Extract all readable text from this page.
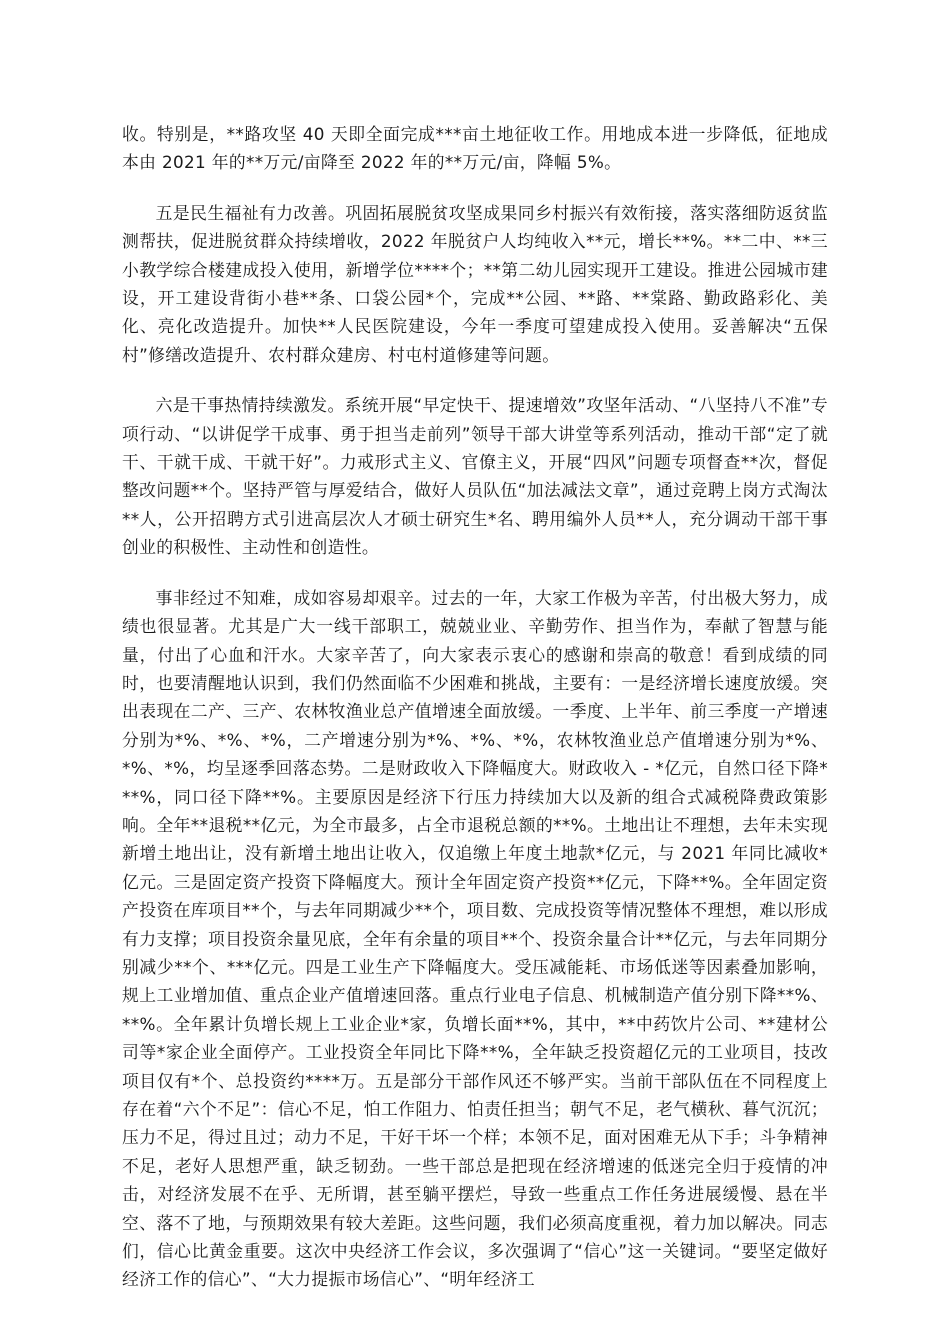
收。特别是，**路攻坚 40 天即全面完成***亩土地征收工作。用地成本进一步降低，征地成本由 2021 年的**万元/亩降至 2022 年的**万元/亩，降幅 5%。

五是民生福祉有力改善。巩固拓展脱贫攻坚成果同乡村振兴有效衔接，落实落细防返贫监测帮扶，促进脱贫群众持续增收，2022 年脱贫户人均纯收入**元，增长**%。**二中、**三小教学综合楼建成投入使用，新增学位****个；**第二幼儿园实现开工建设。推进公园城市建设，开工建设背街小巷**条、口袋公园*个，完成**公园、**路、**棠路、勤政路彩化、美化、亮化改造提升。加快**人民医院建设，今年一季度可望建成投入使用。妥善解决“五保村”修缮改造提升、农村群众建房、村屯村道修建等问题。

六是干事热情持续激发。系统开展“早定快干、提速增效”攻坚年活动、“八坚持八不准”专项行动、“以讲促学干成事、勇于担当走前列”领导干部大讲堂等系列活动，推动干部“定了就干、干就干成、干就干好”。力戒形式主义、官僚主义，开展“四风”问题专项督查**次，督促整改问题**个。坚持严管与厚爱结合，做好人员队伍“加法减法文章”，通过竞聘上岗方式淘汰**人，公开招聘方式引进高层次人才硕士研究生*名、聘用编外人员**人，充分调动干部干事创业的积极性、主动性和创造性。

事非经过不知难，成如容易却艰辛。过去的一年，大家工作极为辛苦，付出极大努力，成绩也很显著。尤其是广大一线干部职工，兢兢业业、辛勤劳作、担当作为，奉献了智慧与能量，付出了心血和汗水。大家辛苦了，向大家表示衷心的感谢和崇高的敬意！看到成绩的同时，也要清醒地认识到，我们仍然面临不少困难和挑战，主要有：一是经济增长速度放缓。突出表现在二产、三产、农林牧渔业总产值增速全面放缓。一季度、上半年、前三季度一产增速分别为*%、*%、*%，二产增速分别为*%、*%、*%，农林牧渔业总产值增速分别为*%、*%、*%，均呈逐季回落态势。二是财政收入下降幅度大。财政收入 - *亿元，自然口径下降***%，同口径下降**%。主要原因是经济下行压力持续加大以及新的组合式减税降费政策影响。全年**退税**亿元，为全市最多，占全市退税总额的**%。土地出让不理想，去年未实现新增土地出让，没有新增土地出让收入，仅追缴上年度土地款*亿元，与 2021 年同比减收*亿元。三是固定资产投资下降幅度大。预计全年固定资产投资**亿元，下降**%。全年固定资产投资在库项目**个，与去年同期减少**个，项目数、完成投资等情况整体不理想，难以形成有力支撑；项目投资余量见底，全年有余量的项目**个、投资余量合计**亿元，与去年同期分别减少**个、***亿元。四是工业生产下降幅度大。受压减能耗、市场低迷等因素叠加影响，规上工业增加值、重点企业产值增速回落。重点行业电子信息、机械制造产值分别下降**%、**%。全年累计负增长规上工业企业*家，负增长面**%，其中，**中药饮片公司、**建材公司等*家企业全面停产。工业投资全年同比下降**%，全年缺乏投资超亿元的工业项目，技改项目仅有*个、总投资约****万。五是部分干部作风还不够严实。当前干部队伍在不同程度上存在着“六个不足”：信心不足，怕工作阻力、怕责任担当；朝气不足，老气横秋、暮气沉沉；压力不足，得过且过；动力不足，干好干坏一个样；本领不足，面对困难无从下手；斗争精神不足，老好人思想严重，缺乏韧劲。一些干部总是把现在经济增速的低迷完全归于疫情的冲击，对经济发展不在乎、无所谓，甚至躺平摆烂，导致一些重点工作任务进展缓慢、悬在半空、落不了地，与预期效果有较大差距。这些问题，我们必须高度重视，着力加以解决。同志们，信心比黄金重要。这次中央经济工作会议，多次强调了“信心”这一关键词。“要坚定做好经济工作的信心”、“大力提振市场信心”、“明年经济工
